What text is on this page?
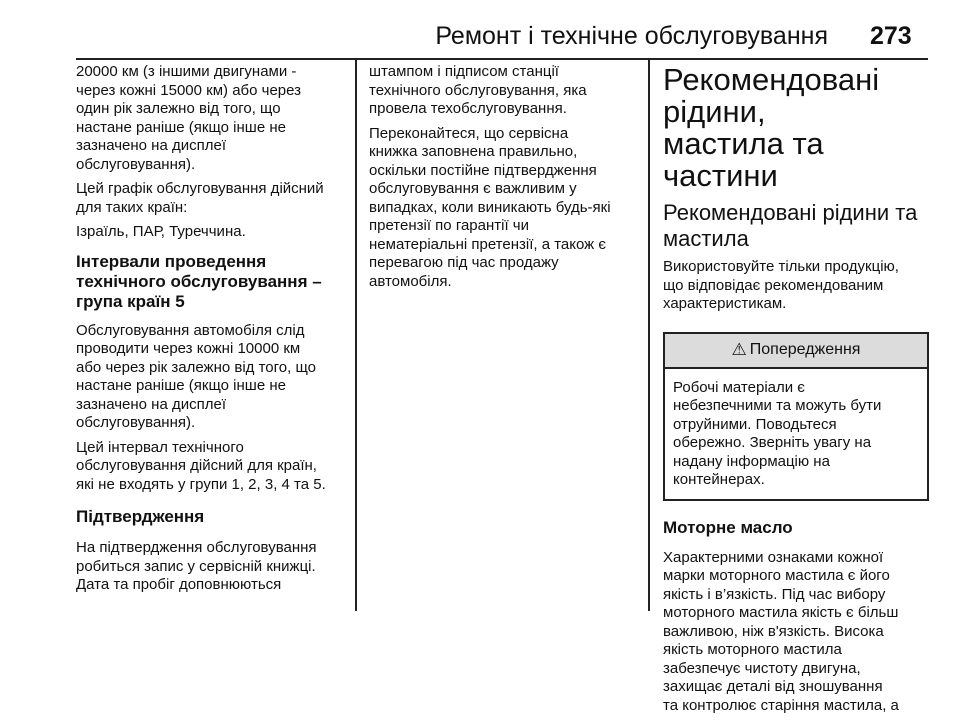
Ремонт і технічне обслуговування 273

20000 км (з іншими двигунами -
через кожні 15000 км) або через
один рік залежно від того, що
настане раніше (якщо інше не
зазначено на дисплеї
обслуговування).

Цей графік обслуговування дійсний
для таких країн:

Ізраїль, ПАР, Туреччина.

Інтервали проведення
технічного обслуговування –
група країн 5

Обслуговування автомобіля слід
проводити через кожні 10000 км
або через рік залежно від того, що
настане раніше (якщо інше не
зазначено на дисплеї
обслуговування).

Цей інтервал технічного
обслуговування дійсний для країн,
які не входять у групи 1, 2, 3, 4 та 5.

Підтвердження

На підтвердження обслуговування
робиться запис у сервісній книжці.
Дата та пробіг доповнюються

штампом і підписом станції
технічного обслуговування, яка
провела техобслуговування.

Переконайтеся, що сервісна
книжка заповнена правильно,
оскільки постійне підтвердження
обслуговування є важливим у
випадках, коли виникають будь-які
претензії по гарантії чи
нематеріальні претензії, а також є
перевагою під час продажу
автомобіля.

Рекомендовані рідини,
мастила та частини
Рекомендовані рідини та
мастила

Використовуйте тільки продукцію,
що відповідає рекомендованим
характеристикам.

⚠ Попередження
Робочі матеріали є
небезпечними та можуть бути
отруйними. Поводьтеся
обережно. Зверніть увагу на
надану інформацію на
контейнерах.
Моторне масло

Характерними ознаками кожної
марки моторного мастила є його
якість і в’язкість. Під час вибору
моторного мастила якість є більш
важливою, ніж в'язкість. Висока
якість моторного мастила
забезпечує чистоту двигуна,
захищає деталі від зношування
та контролює старіння мастила, а
